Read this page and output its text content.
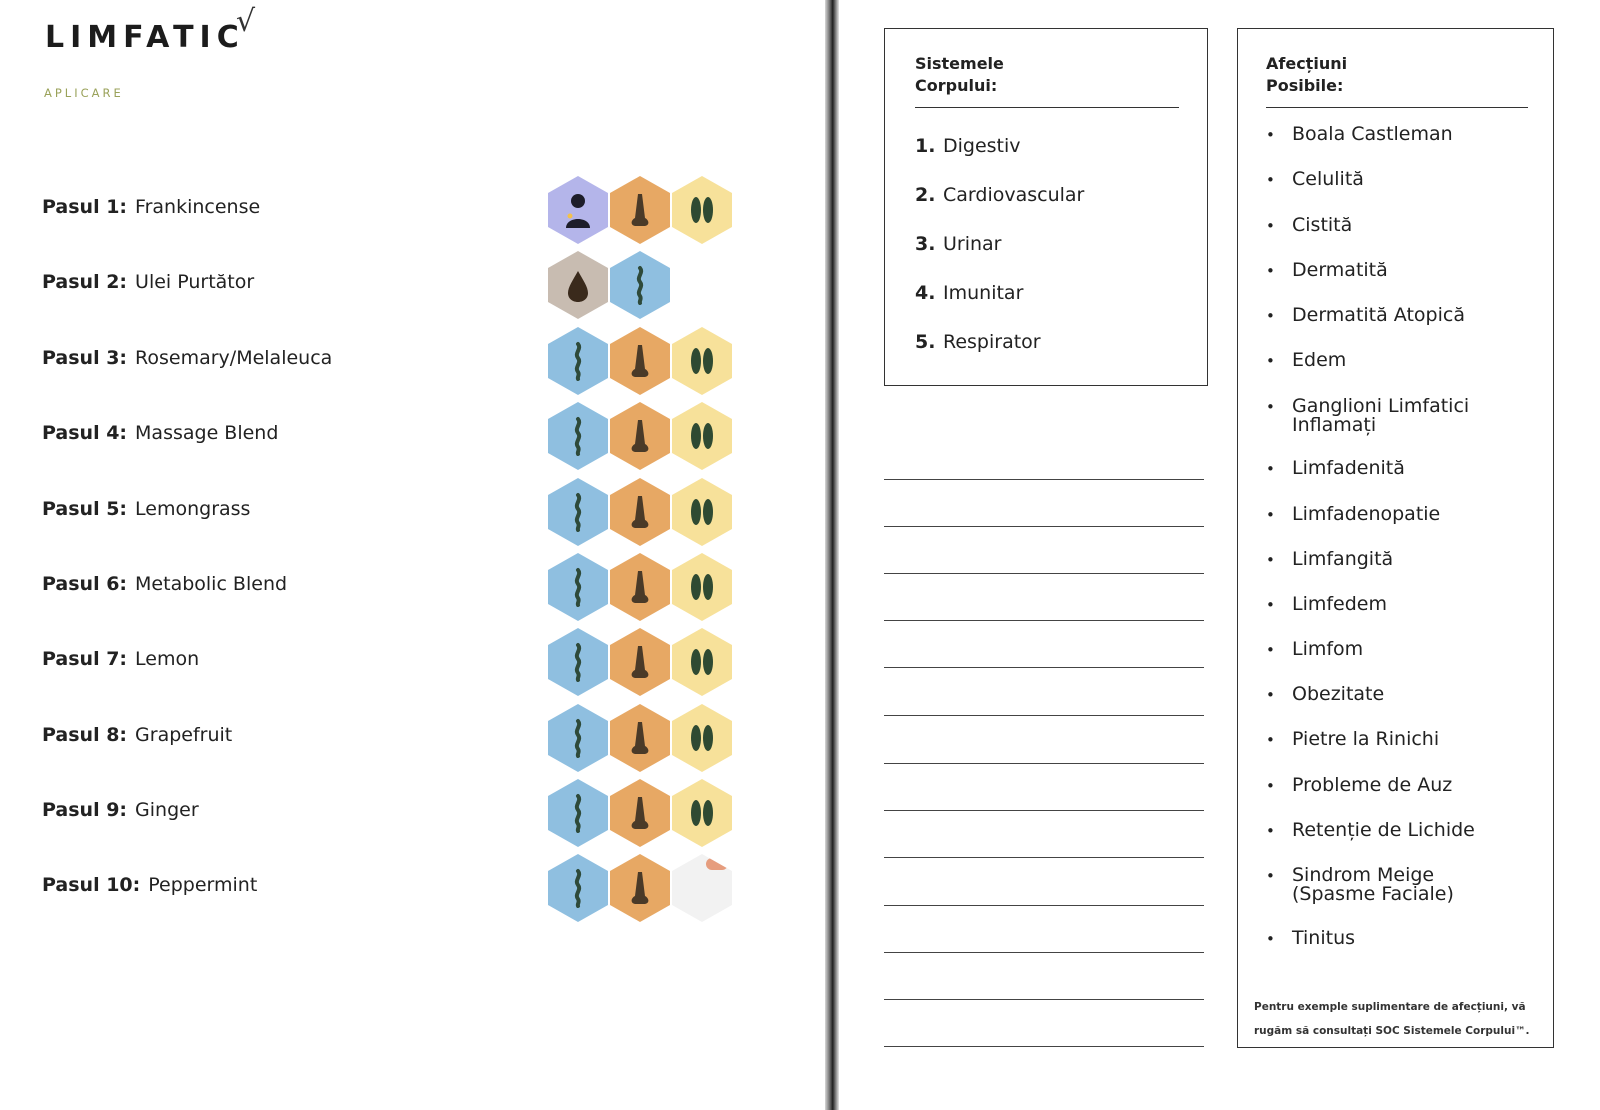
LIMFATIC
√
APLICARE
Pasul 1: Frankincense
Pasul 2: Ulei Purtător
Pasul 3: Rosemary/Melaleuca
Pasul 4: Massage Blend
Pasul 5: Lemongrass
Pasul 6: Metabolic Blend
Pasul 7: Lemon
Pasul 8: Grapefruit
Pasul 9: Ginger
Pasul 10: Peppermint
Sistemele
Corpului:
1. Digestiv
2. Cardiovascular
3. Urinar
4. Imunitar
5. Respirator
Afecțiuni
Posibile:
• Boala Castleman
• Celulită
• Cistită
• Dermatită
• Dermatită Atopică
• Edem
• Ganglioni Limfatici Inflamați
• Limfadenită
• Limfadenopatie
• Limfangită
• Limfedem
• Limfom
• Obezitate
• Pietre la Rinichi
• Probleme de Auz
• Retenție de Lichide
• Sindrom Meige (Spasme Faciale)
• Tinitus
Pentru exemple suplimentare de afecțiuni, vă rugăm să consultați SOC Sistemele Corpului™.
